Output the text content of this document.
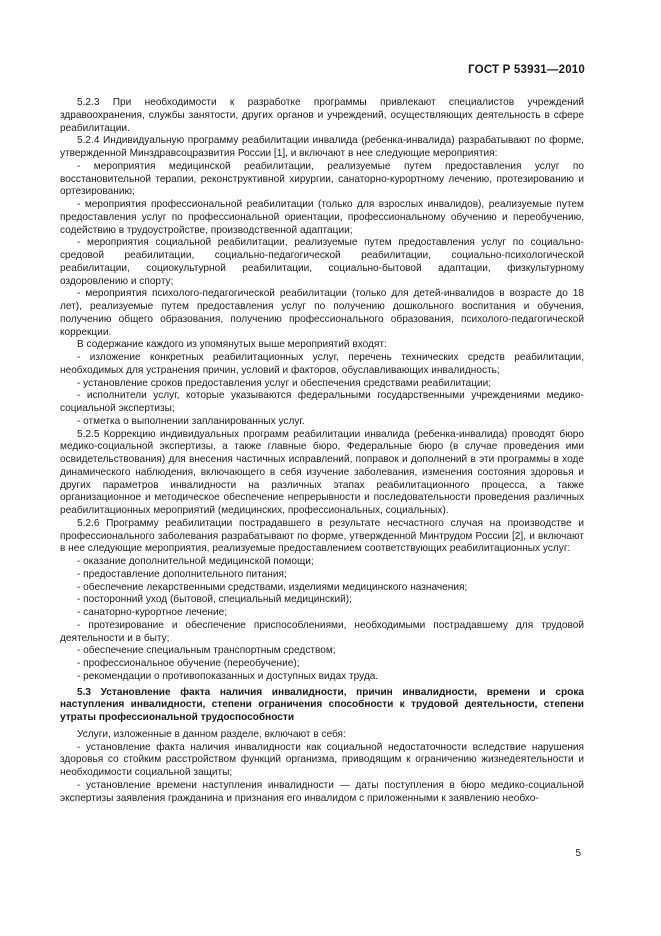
ГОСТ Р 53931—2010

5.2.3 При необходимости к разработке программы привлекают специалистов учреждений здравоохранения, службы занятости, других органов и учреждений, осуществляющих деятельность в сфере реабилитации.

5.2.4 Индивидуальную программу реабилитации инвалида (ребенка-инвалида) разрабатывают по форме, утвержденной Минздравсоцразвития России [1], и включают в нее следующие мероприятия:

- мероприятия медицинской реабилитации, реализуемые путем предоставления услуг по восстановительной терапии, реконструктивной хирургии, санаторно-курортному лечению, протезированию и ортезированию;

- мероприятия профессиональной реабилитации (только для взрослых инвалидов), реализуемые путем предоставления услуг по профессиональной ориентации, профессиональному обучению и переобучению, содействию в трудоустройстве, производственной адаптации;

- мероприятия социальной реабилитации, реализуемые путем предоставления услуг по социально-средовой реабилитации, социально-педагогической реабилитации, социально-психологической реабилитации, социокультурной реабилитации, социально-бытовой адаптации, физкультурному оздоровлению и спорту;

- мероприятия психолого-педагогической реабилитации (только для детей-инвалидов в возрасте до 18 лет), реализуемые путем предоставления услуг по получению дошкольного воспитания и обучения, получению общего образования, получению профессионального образования, психолого-педагогической коррекции.

В содержание каждого из упомянутых выше мероприятий входят:

- изложение конкретных реабилитационных услуг, перечень технических средств реабилитации, необходимых для устранения причин, условий и факторов, обуславливающих инвалидность;

- установление сроков предоставления услуг и обеспечения средствами реабилитации;

- исполнители услуг, которые указываются федеральными государственными учреждениями медико-социальной экспертизы;

- отметка о выполнении запланированных услуг.

5.2.5 Коррекцию индивидуальных программ реабилитации инвалида (ребенка-инвалида) проводят бюро медико-социальной экспертизы, а также главные бюро, Федеральные бюро (в случае проведения ими освидетельствования) для внесения частичных исправлений, поправок и дополнений в эти программы в ходе динамического наблюдения, включающего в себя изучение заболевания, изменения состояния здоровья и других параметров инвалидности на различных этапах реабилитационного процесса, а также организационное и методическое обеспечение непрерывности и последовательности проведения различных реабилитационных мероприятий (медицинских, профессиональных, социальных).

5.2.6 Программу реабилитации пострадавшего в результате несчастного случая на производстве и профессионального заболевания разрабатывают по форме, утвержденной Минтрудом России [2], и включают в нее следующие мероприятия, реализуемые предоставлением соответствующих реабилитационных услуг:

- оказание дополнительной медицинской помощи;

- предоставление дополнительного питания;

- обеспечение лекарственными средствами, изделиями медицинского назначения;

- посторонний уход (бытовой, специальный медицинский);

- санаторно-курортное лечение;

- протезирование и обеспечение приспособлениями, необходимыми пострадавшему для трудовой деятельности и в быту;

- обеспечение специальным транспортным средством;

- профессиональное обучение (переобучение);

- рекомендации о противопоказанных и доступных видах труда.

5.3 Установление факта наличия инвалидности, причин инвалидности, времени и срока наступления инвалидности, степени ограничения способности к трудовой деятельности, степени утраты профессиональной трудоспособности

Услуги, изложенные в данном разделе, включают в себя:

- установление факта наличия инвалидности как социальной недостаточности вследствие нарушения здоровья со стойким расстройством функций организма, приводящим к ограничению жизнедеятельности и необходимости социальной защиты;

- установление времени наступления инвалидности — даты поступления в бюро медико-социальной экспертизы заявления гражданина и признания его инвалидом с приложенными к заявлению необхо-

5
